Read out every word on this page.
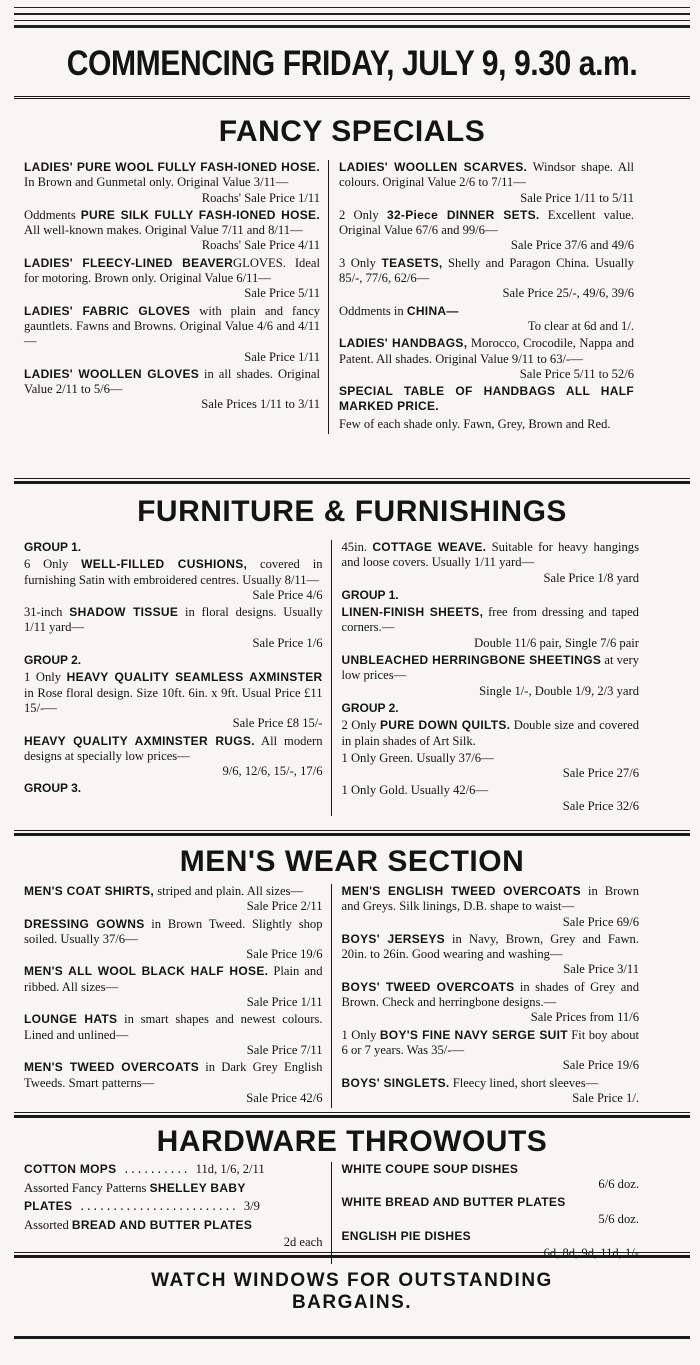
COMMENCING FRIDAY, JULY 9, 9.30 a.m.
FANCY SPECIALS
LADIES' PURE WOOL FULLY FASH-IONED HOSE. In Brown and Gunmetal only. Original Value 3/11—
Roachs' Sale Price 1/11
Oddments PURE SILK FULLY FASH-IONED HOSE. All well-known makes. Original Value 7/11 and 8/11—
Roachs' Sale Price 4/11
LADIES' FLEECY-LINED BEAVERGLOVES. Ideal for motoring. Brown only. Original Value 6/11—
Sale Price 5/11
LADIES' FABRIC GLOVES with plain and fancy gauntlets. Fawns and Browns. Original Value 4/6 and 4/11—
Sale Price 1/11
LADIES' WOOLLEN GLOVES in all shades. Original Value 2/11 to 5/6—
Sale Prices 1/11 to 3/11
LADIES' WOOLLEN SCARVES. Windsor shape. All colours. Original Value 2/6 to 7/11—
Sale Price 1/11 to 5/11
2 Only 32-Piece DINNER SETS. Excellent value. Original Value 67/6 and 99/6—
Sale Price 37/6 and 49/6
3 Only TEASETS, Shelly and Paragon China. Usually 85/-, 77/6, 62/6—
Sale Price 25/-, 49/6, 39/6
Oddments in CHINA—
To clear at 6d and 1/.
LADIES' HANDBAGS, Morocco, Crocodile, Nappa and Patent. All shades. Original Value 9/11 to 63/-—
Sale Price 5/11 to 52/6
SPECIAL TABLE OF HANDBAGS ALL HALF MARKED PRICE.
Few of each shade only. Fawn, Grey, Brown and Red.
FURNITURE & FURNISHINGS
GROUP 1.
6 Only WELL-FILLED CUSHIONS, covered in furnishing Satin with embroidered centres. Usually 8/11—
Sale Price 4/6
31-inch SHADOW TISSUE in floral designs. Usually 1/11 yard—
Sale Price 1/6
GROUP 2.
1 Only HEAVY QUALITY SEAMLESS AXMINSTER in Rose floral design. Size 10ft. 6in. x 9ft. Usual Price £11 15/-—
Sale Price £8 15/-
HEAVY QUALITY AXMINSTER RUGS. All modern designs at specially low prices—
9/6, 12/6, 15/-, 17/6
GROUP 3.
45in. COTTAGE WEAVE. Suitable for heavy hangings and loose covers. Usually 1/11 yard—
Sale Price 1/8 yard
GROUP 1.
LINEN-FINISH SHEETS, free from dressing and taped corners.—
Double 11/6 pair, Single 7/6 pair
UNBLEACHED HERRINGBONE SHEETINGS at very low prices—
Single 1/-, Double 1/9, 2/3 yard
GROUP 2.
2 Only PURE DOWN QUILTS. Double size and covered in plain shades of Art Silk.
1 Only Green. Usually 37/6—
Sale Price 27/6
1 Only Gold. Usually 42/6—
Sale Price 32/6
MEN'S WEAR SECTION
MEN'S COAT SHIRTS, striped and plain. All sizes—
Sale Price 2/11
DRESSING GOWNS in Brown Tweed. Slightly shop soiled. Usually 37/6—
Sale Price 19/6
MEN'S ALL WOOL BLACK HALF HOSE. Plain and ribbed. All sizes—
Sale Price 1/11
LOUNGE HATS in smart shapes and newest colours. Lined and unlined—
Sale Price 7/11
MEN'S TWEED OVERCOATS in Dark Grey English Tweeds. Smart patterns—
Sale Price 42/6
MEN'S ENGLISH TWEED OVERCOATS in Brown and Greys. Silk linings, D.B. shape to waist—
Sale Price 69/6
BOYS' JERSEYS in Navy, Brown, Grey and Fawn. 20in. to 26in. Good wearing and washing—
Sale Price 3/11
BOYS' TWEED OVERCOATS in shades of Grey and Brown. Check and herringbone designs.—
Sale Prices from 11/6
1 Only BOY'S FINE NAVY SERGE SUIT Fit boy about 6 or 7 years. Was 35/-—
Sale Price 19/6
BOYS' SINGLETS. Fleecy lined, short sleeves—
Sale Price 1/.
HARDWARE THROWOUTS
COTTON MOPS .......... 11d, 1/6, 2/11
Assorted Fancy Patterns SHELLEY BABY
PLATES ........................ 3/9
Assorted BREAD AND BUTTER PLATES
2d each
WHITE COUPE SOUP DISHES
6/6 doz.
WHITE BREAD AND BUTTER PLATES
5/6 doz.
ENGLISH PIE DISHES
6d, 8d, 9d, 11d, 1/-
WATCH WINDOWS FOR OUTSTANDING
BARGAINS.
